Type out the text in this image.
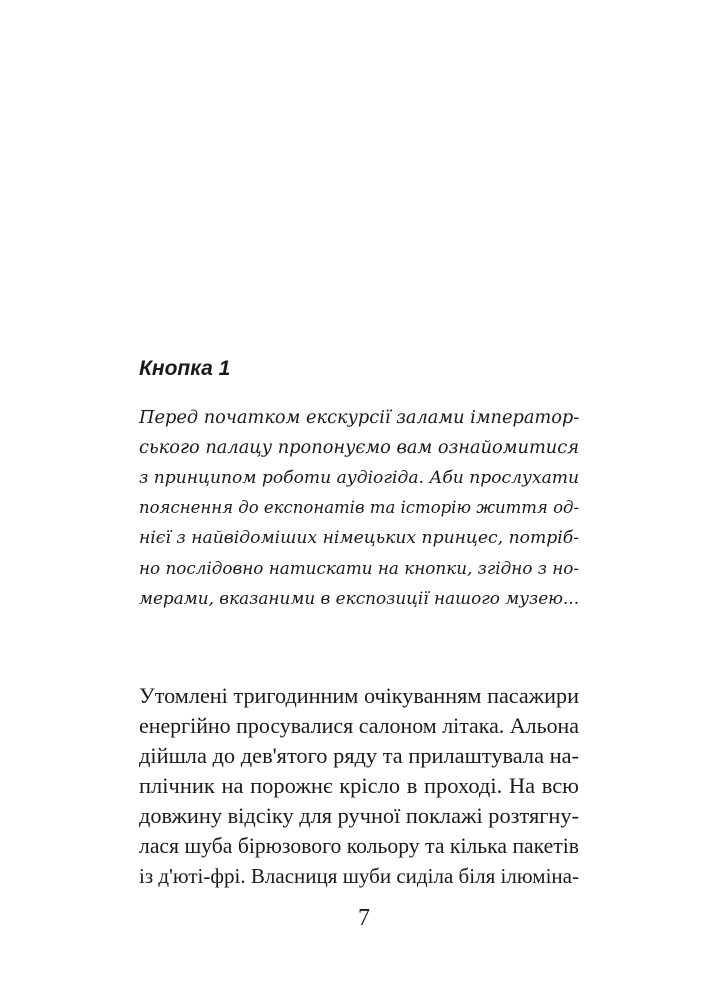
Кнопка 1
Перед початком екскурсії залами імператор-
ського палацу пропонуємо вам ознайомитися
з принципом роботи аудіогіда. Аби прослухати
пояснення до експонатів та історію життя од-
нієї з найвідоміших німецьких принцес, потріб-
но послідовно натискати на кнопки, згідно з но-
мерами, вказаними в експозиції нашого музею...
Утомлені тригодинним очікуванням пасажири
енергійно просувалися салоном літака. Альона
дійшла до дев'ятого ряду та прилаштувала на-
плічник на порожнє крісло в проході. На всю
довжину відсіку для ручної поклажі розтягну-
лася шуба бірюзового кольору та кілька пакетів
із д'юті-фрі. Власниця шуби сиділа біля ілюміна-
7
